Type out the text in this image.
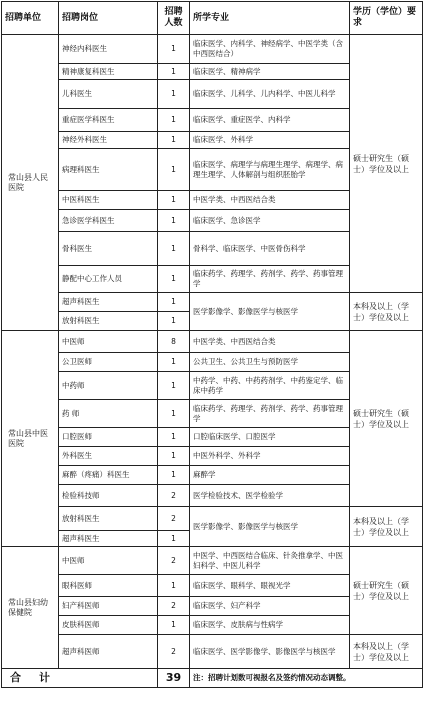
招聘单位	招聘岗位	招聘人数	所学专业	学历（学位）要求
常山县人民医院	神经内科医生	1	临床医学、内科学、神经病学、中医学类（含中西医结合）	硕士研究生（硕士）学位及以上
	精神康复科医生	1	临床医学、精神病学	
	儿科医生	1	临床医学、儿科学、儿内科学、中医儿科学	
	重症医学科医生	1	临床医学、重症医学、内科学	
	神经外科医生	1	临床医学、外科学	
	病理科医生	1	临床医学、病理学与病理生理学、病理学、病理生理学、人体解剖与组织胚胎学	
	中医科医生	1	中医学类、中西医结合类	
	急诊医学科医生	1	临床医学、急诊医学	
	骨科医生	1	骨科学、临床医学、中医骨伤科学	
	静配中心工作人员	1	临床药学、药理学、药剂学、药学、药事管理学	
	超声科医生	1	医学影像学、影像医学与核医学	本科及以上（学士）学位及以上
	放射科医生	1		
常山县中医医院	中医师	8	中医学类、中西医结合类	硕士研究生（硕士）学位及以上
	公卫医师	1	公共卫生、公共卫生与预防医学	
	中药师	1	中药学、中药、中药药剂学、中药鉴定学、临床中药学	
	药 师	1	临床药学、药理学、药剂学、药学、药事管理学	
	口腔医师	1	口腔临床医学、口腔医学	
	外科医生	1	中医外科学、外科学	
	麻醉（疼痛）科医生	1	麻醉学	
	检验科技师	2	医学检验技术、医学检验学	
	放射科医生	2	医学影像学、影像医学与核医学	本科及以上（学士）学位及以上
	超声科医生	1		
常山县妇幼保健院	中医师	2	中医学、中西医结合临床、针灸推拿学、中医妇科学、中医儿科学	硕士研究生（硕士）学位及以上
	眼科医师	1	临床医学、眼科学、眼视光学	
	妇产科医师	2	临床医学、妇产科学	
	皮肤科医师	1	临床医学、皮肤病与性病学	
	超声科医师	2	临床医学、医学影像学、影像医学与核医学	本科及以上（学士）学位及以上
合计		39	注：招聘计划数可视报名及签约情况动态调整。	
